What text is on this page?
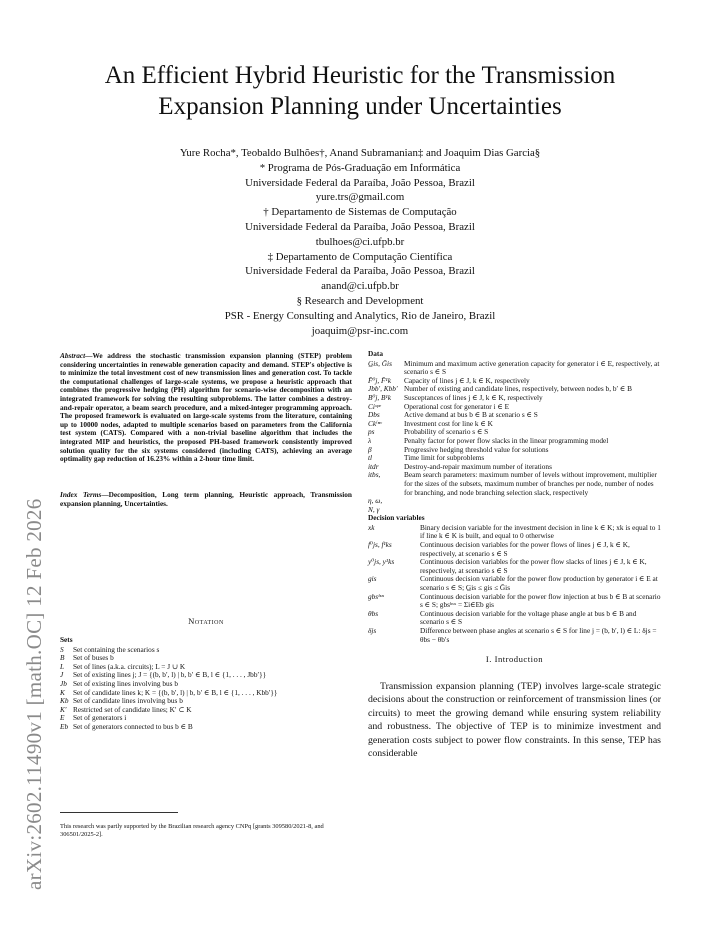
arXiv:2602.11490v1 [math.OC] 12 Feb 2026
An Efficient Hybrid Heuristic for the Transmission
Expansion Planning under Uncertainties
Yure Rocha*, Teobaldo Bulhões†, Anand Subramanian‡ and Joaquim Dias Garcia§
* Programa de Pós-Graduação em Informática
Universidade Federal da Paraíba, João Pessoa, Brazil
yure.trs@gmail.com
† Departamento de Sistemas de Computação
Universidade Federal da Paraíba, João Pessoa, Brazil
tbulhoes@ci.ufpb.br
‡ Departamento de Computação Científica
Universidade Federal da Paraíba, João Pessoa, Brazil
anand@ci.ufpb.br
§ Research and Development
PSR - Energy Consulting and Analytics, Rio de Janeiro, Brazil
joaquim@psr-inc.com
Abstract—We address the stochastic transmission expansion planning (STEP) problem considering uncertainties in renewable generation capacity and demand. STEP's objective is to minimize the total investment cost of new transmission lines and generation cost. To tackle the computational challenges of large-scale systems, we propose a heuristic approach that combines the progressive hedging (PH) algorithm for scenario-wise decomposition with an integrated framework for solving the resulting subproblems. The latter combines a destroy-and-repair operator, a beam search procedure, and a mixed-integer programming approach. The proposed framework is evaluated on large-scale systems from the literature, containing up to 10000 nodes, adapted to multiple scenarios based on parameters from the California test system (CATS). Compared with a non-trivial baseline algorithm that includes the integrated MIP and heuristics, the proposed PH-based framework consistently improved solution quality for the six systems considered (including CATS), achieving an average optimality gap reduction of 16.23% within a 2-hour time limit.
Index Terms—Decomposition, Long term planning, Heuristic approach, Transmission expansion planning, Uncertainties.
Notation
Sets
S	Set containing the scenarios s
B	Set of buses b
L	Set of lines (a.k.a. circuits); L = J ∪ K
J	Set of existing lines j; J = {(b, b′, l) | b, b′ ∈ B, l ∈ {1, . . . , Jbb′}}
Jb Set of existing lines involving bus b
K	Set of candidate lines k; K = {(b, b′, l) | b, b′ ∈ B, l ∈ {1, . . . , Kbb′}}
Kb Set of candidate lines involving bus b
K′ Restricted set of candidate lines; K′ ⊂ K
E	Set of generators i
Eb Set of generators connected to bus b ∈ B
This research was partly supported by the Brazilian research agency CNPq [grants 309580/2021-8, and 306501/2025-2].
Data
G̲is, Ḡis	Minimum and maximum active generation capacity for generator i ∈ E, respectively, at scenario s ∈ S
F̄⁰j, F̄¹k	Capacity of lines j ∈ J, k ∈ K, respectively
Jbb′, Kbb′ Number of existing and candidate lines, respectively, between nodes b, b′ ∈ B
B⁰j, B¹k	Susceptances of lines j ∈ J, k ∈ K, respectively
Ciᵒᵖᵉ	Operational cost for generator i ∈ E
Dbs	Active demand at bus b ∈ B at scenario s ∈ S
Ckⁱⁿᵛ	Investment cost for line k ∈ K
ps	Probability of scenario s ∈ S
λ	Penalty factor for power flow slacks in the linear programming model
β	Progressive hedging threshold value for solutions
tl	Time limit for subproblems
itdr	Destroy-and-repair maximum number of iterations
itbs,	Beam search parameters: maximum number of levels without improvement, multiplier for the sizes of the subsets, maximum number of branches per node, number of nodes for branching, and node branching selection slack, respectively
η, ω,
N, γ
Decision variables
xk	Binary decision variable for the investment decision in line k ∈ K; xk is equal to 1 if line k ∈ K is built, and equal to 0 otherwise
f⁰js, f¹ks	Continuous decision variables for the power flows of lines j ∈ J, k ∈ K, respectively, at scenario s ∈ S
y⁰js, y¹ks	Continuous decision variables for the power flow slacks of lines j ∈ J, k ∈ K, respectively, at scenario s ∈ S
gis	Continuous decision variable for the power flow production by generator i ∈ E at scenario s ∈ S; G̲is ≤ gis ≤ Ḡis
gbsᵇᵘˢ	Continuous decision variable for the power flow injection at bus b ∈ B at scenario s ∈ S; gbsᵇᵘˢ = Σi∈Eb gis
θbs	Continuous decision variable for the voltage phase angle at bus b ∈ B and scenario s ∈ S
δjs	Difference between phase angles at scenario s ∈ S for line j = (b, b′, l) ∈ L: δjs = θbs − θb′s
I. Introduction
Transmission expansion planning (TEP) involves large-scale strategic decisions about the construction or reinforcement of transmission lines (or circuits) to meet the growing demand while ensuring system reliability and robustness. The objective of TEP is to minimize investment and generation costs subject to power flow constraints. In this sense, TEP has considerable
